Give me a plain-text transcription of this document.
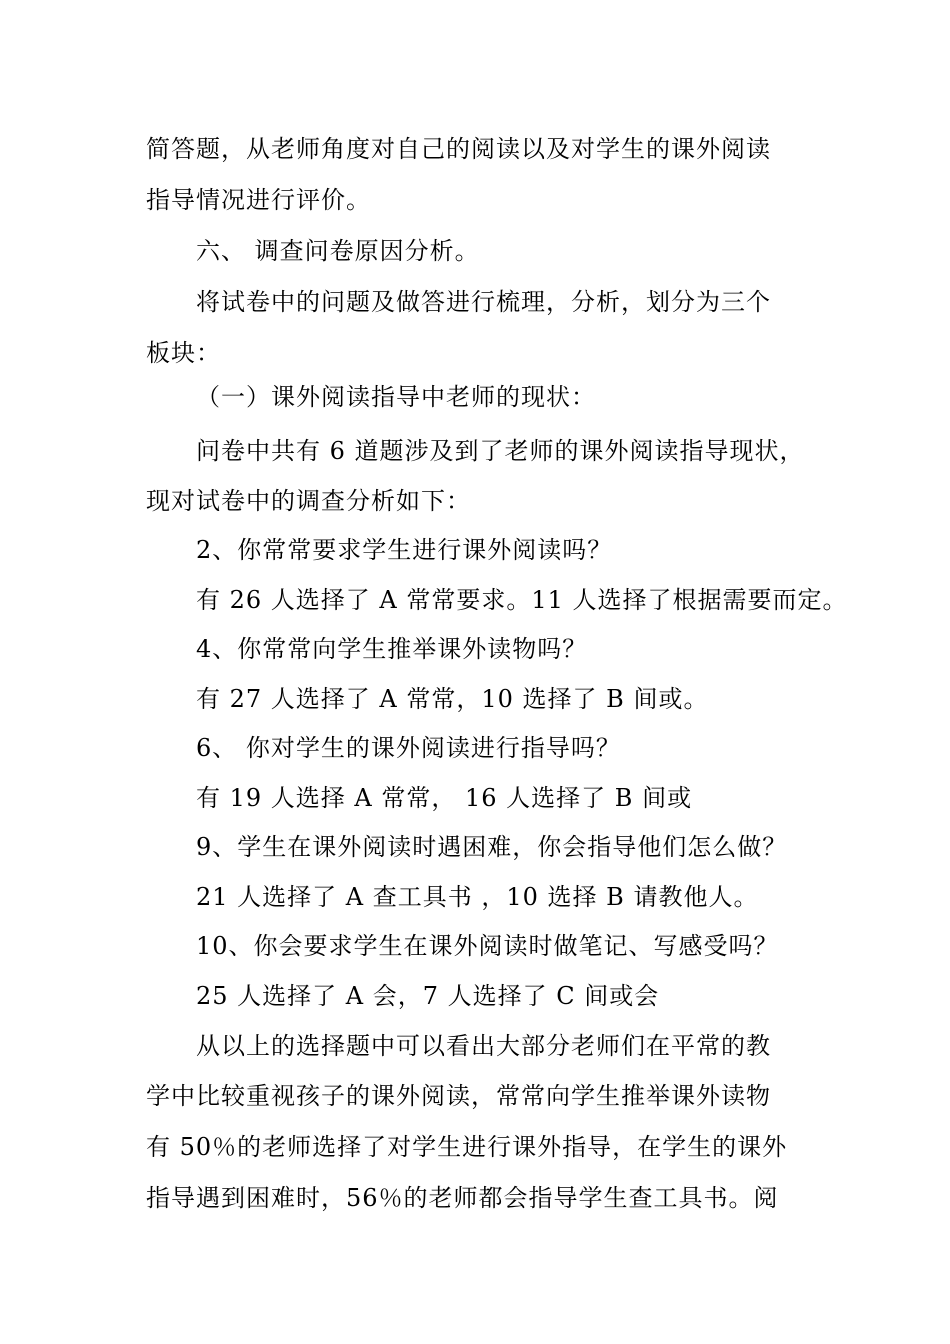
简答题，从老师角度对自己的阅读以及对学生的课外阅读
指导情况进行评价。
六、 调查问卷原因分析。
将试卷中的问题及做答进行梳理，分析，划分为三个
板块：
（一）课外阅读指导中老师的现状：
问卷中共有 6 道题涉及到了老师的课外阅读指导现状，
现对试卷中的调查分析如下：
2、你常常要求学生进行课外阅读吗？
有 26 人选择了 A 常常要求。11 人选择了根据需要而定。
4、你常常向学生推举课外读物吗？
有 27 人选择了 A 常常，10 选择了 B 间或。
6、 你对学生的课外阅读进行指导吗？
有 19 人选择 A 常常， 16 人选择了 B 间或
9、学生在课外阅读时遇困难，你会指导他们怎么做？
21 人选择了 A 查工具书 ，10 选择 B 请教他人。
10、你会要求学生在课外阅读时做笔记、写感受吗？
25 人选择了 A 会，7 人选择了 C 间或会
从以上的选择题中可以看出大部分老师们在平常的教
学中比较重视孩子的课外阅读，常常向学生推举课外读物
有 50％的老师选择了对学生进行课外指导，在学生的课外
指导遇到困难时，56％的老师都会指导学生查工具书。阅
